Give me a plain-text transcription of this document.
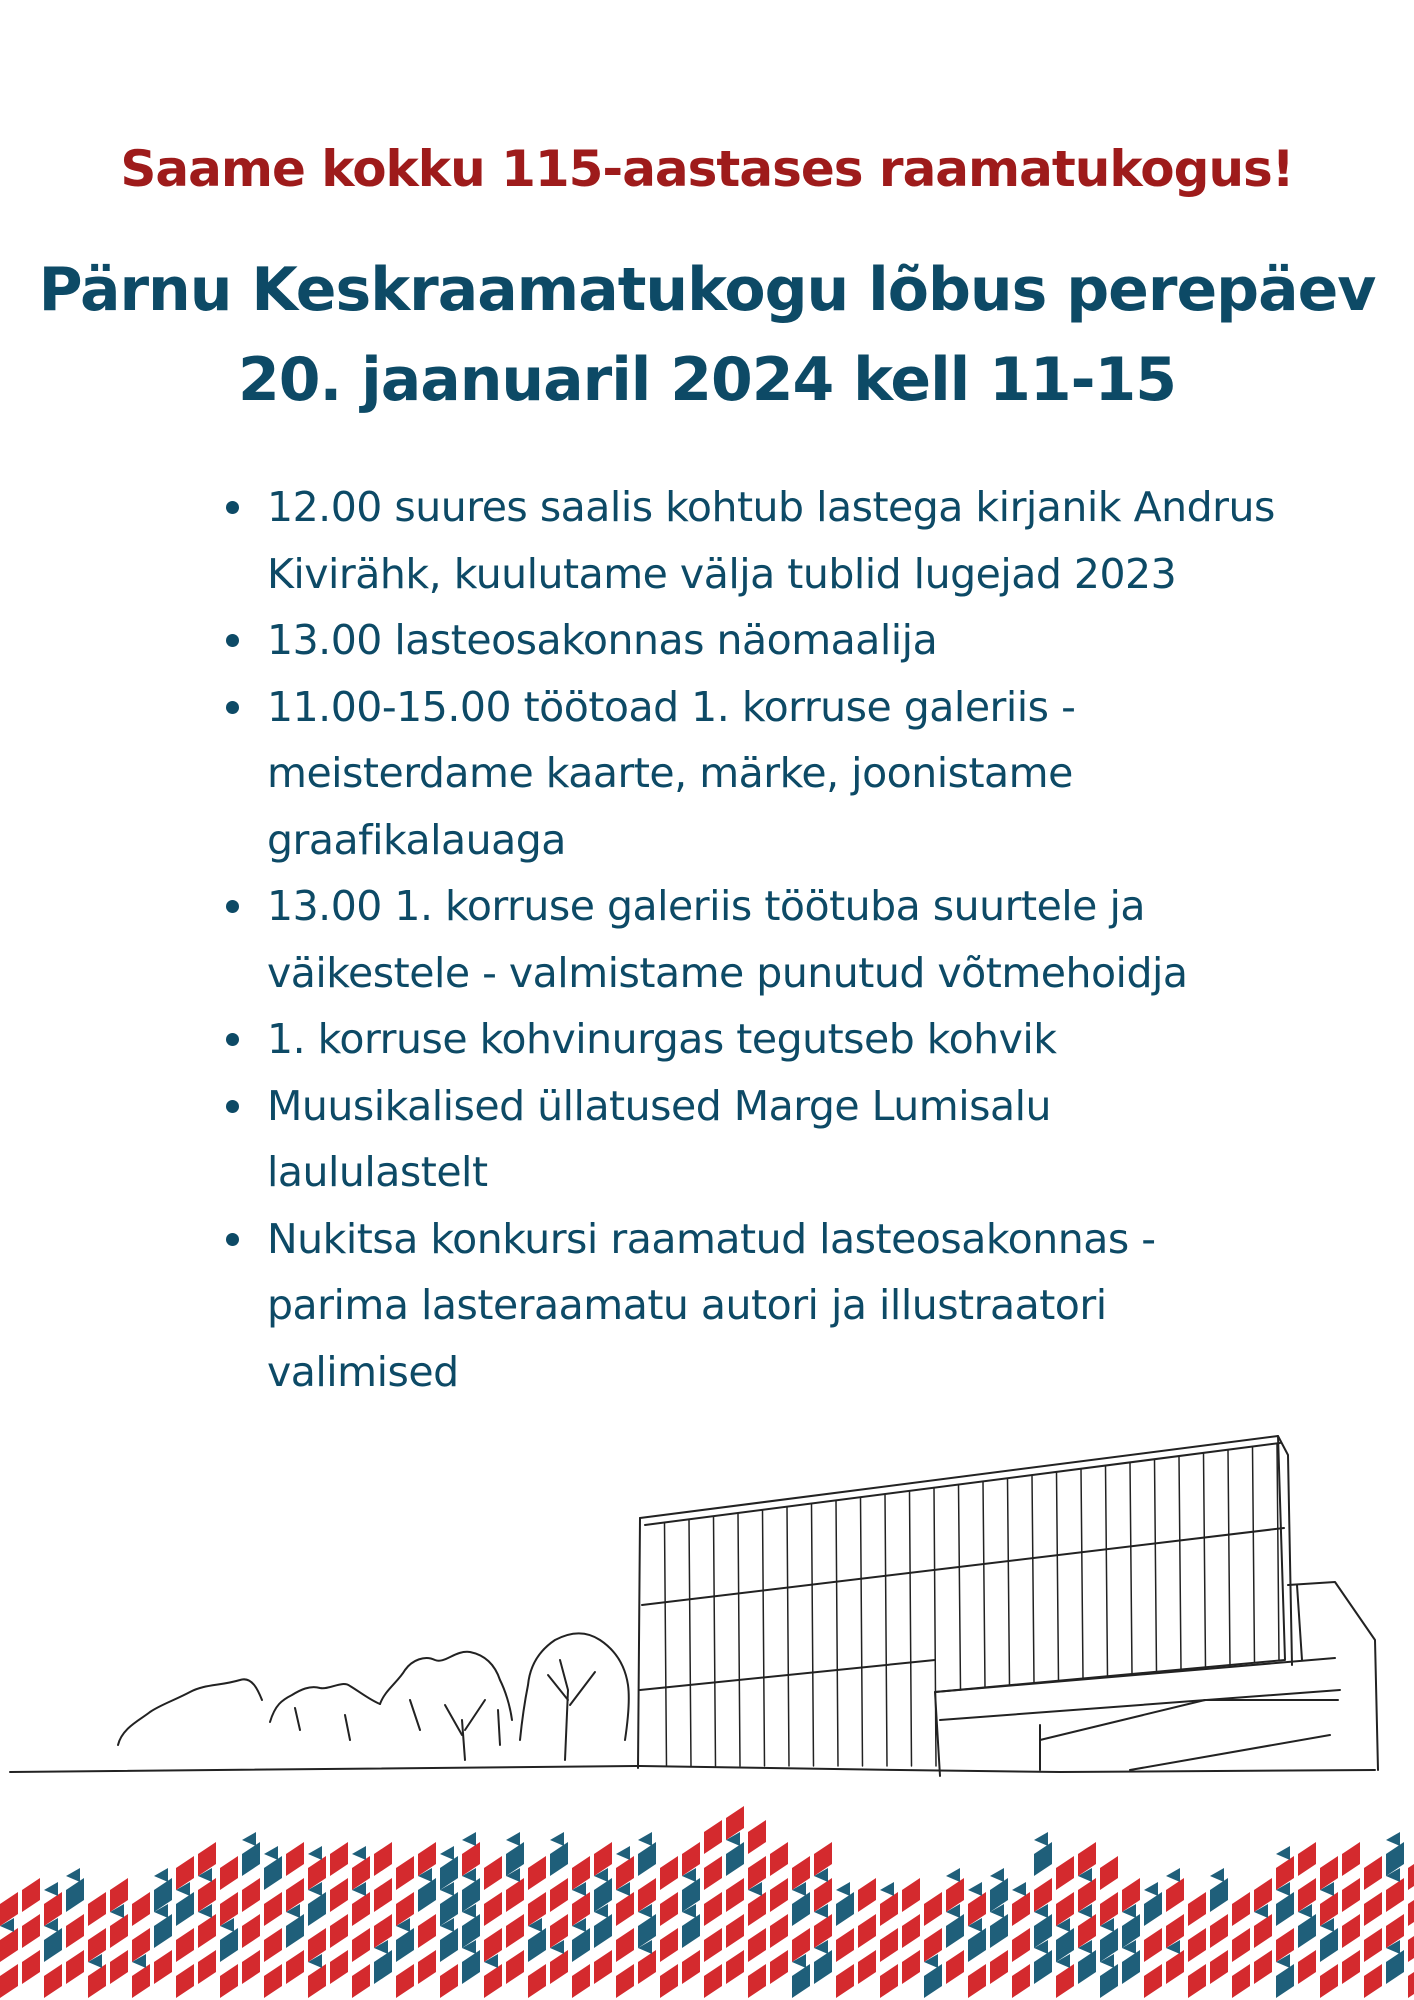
Saame kokku 115-aastases raamatukogus!
Pärnu Keskraamatukogu lõbus perepäev
20. jaanuaril 2024 kell 11-15
12.00 suures saalis kohtub lastega kirjanik Andrus Kivirähk, kuulutame välja tublid lugejad 2023
13.00 lasteosakonnas näomaalija
11.00-15.00 töötoad 1. korruse galeriis - meisterdame kaarte, märke, joonistame graafikalauaga
13.00 1. korruse galeriis töötuba suurtele ja väikestele - valmistame punutud võtmehoidja
1. korruse kohvinurgas tegutseb kohvik
Muusikalised üllatused Marge Lumisalu laululastelt
Nukitsa konkursi raamatud lasteosakonnas - parima lasteraamatu autori ja illustraatori valimised
